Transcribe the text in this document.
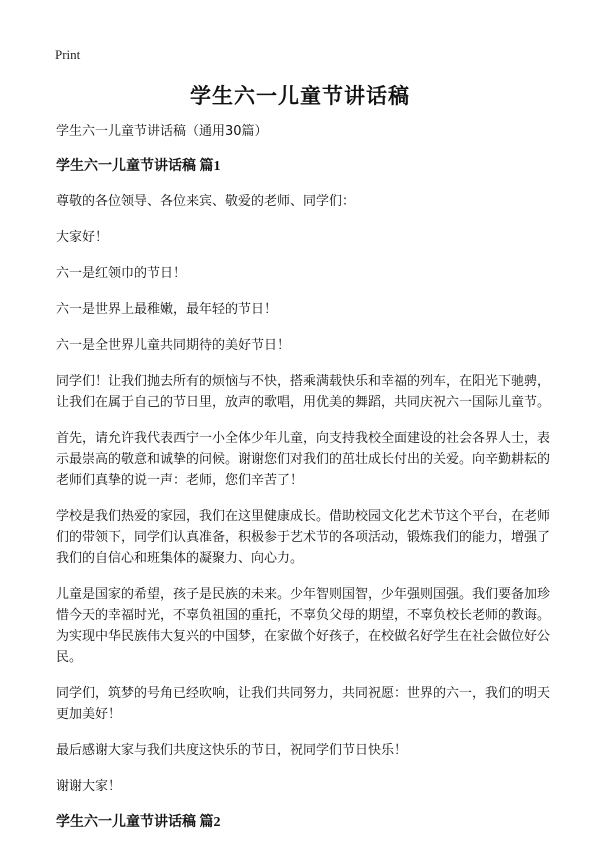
Print
学生六一儿童节讲话稿

学生六一儿童节讲话稿（通用30篇）

学生六一儿童节讲话稿 篇1

尊敬的各位领导、各位来宾、敬爱的老师、同学们：

大家好！

六一是红领巾的节日！

六一是世界上最稚嫩，最年轻的节日！

六一是全世界儿童共同期待的美好节日！

同学们！让我们抛去所有的烦恼与不快，搭乘满载快乐和幸福的列车，在阳光下驰骋，让我们在属于自己的节日里，放声的歌唱，用优美的舞蹈，共同庆祝六一国际儿童节。

首先，请允许我代表西宁一小全体少年儿童，向支持我校全面建设的社会各界人士，表示最崇高的敬意和诚挚的问候。谢谢您们对我们的茁壮成长付出的关爱。向辛勤耕耘的老师们真挚的说一声：老师，您们辛苦了！

学校是我们热爱的家园，我们在这里健康成长。借助校园文化艺术节这个平台，在老师们的带领下，同学们认真准备，积极参于艺术节的各项活动，锻炼我们的能力，增强了我们的自信心和班集体的凝聚力、向心力。

儿童是国家的希望，孩子是民族的未来。少年智则国智，少年强则国强。我们要备加珍惜今天的幸福时光，不辜负祖国的重托，不辜负父母的期望，不辜负校长老师的教诲。为实现中华民族伟大复兴的中国梦，在家做个好孩子，在校做名好学生在社会做位好公民。

同学们，筑梦的号角已经吹响，让我们共同努力，共同祝愿：世界的六一，我们的明天更加美好！

最后感谢大家与我们共度这快乐的节日，祝同学们节日快乐！

谢谢大家！

学生六一儿童节讲话稿 篇2
